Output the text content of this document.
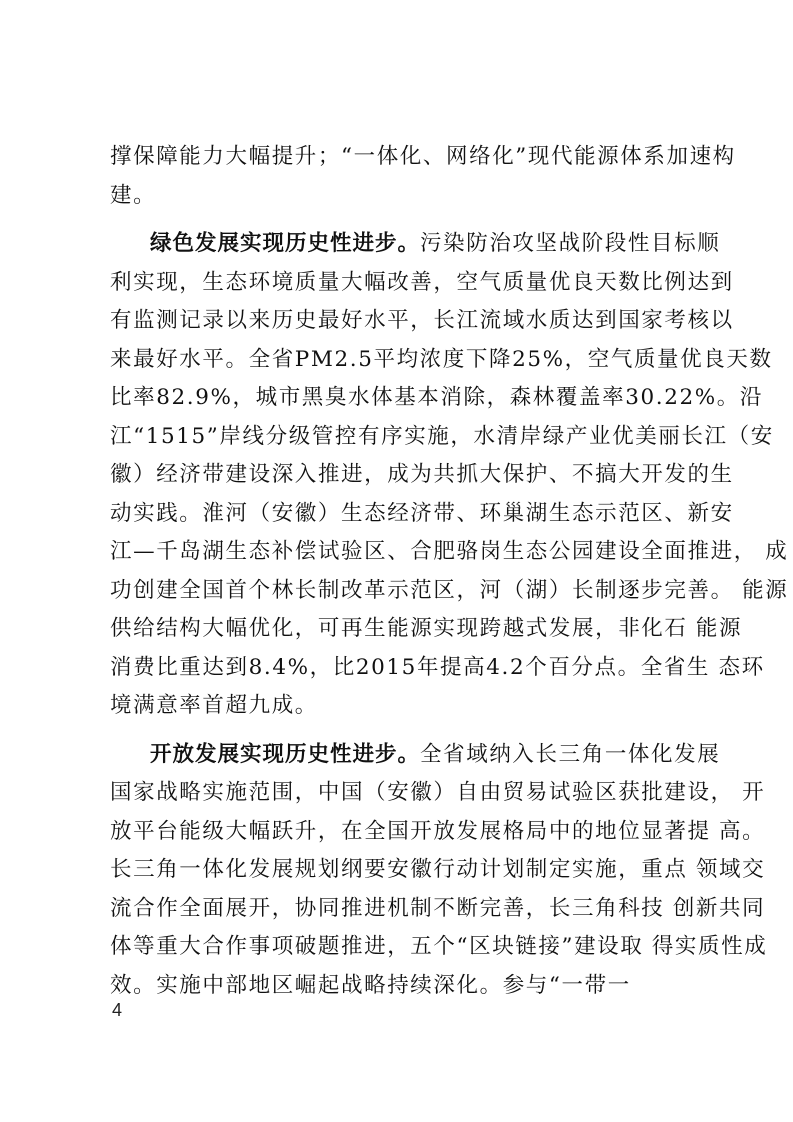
撑保障能力大幅提升；“一体化、网络化”现代能源体系加速构
建。
绿色发展实现历史性进步。污染防治攻坚战阶段性目标顺
利实现，生态环境质量大幅改善，空气质量优良天数比例达到
有监测记录以来历史最好水平，长江流域水质达到国家考核以
来最好水平。全省PM2.5平均浓度下降25%，空气质量优良天数
比率82.9%，城市黑臭水体基本消除，森林覆盖率30.22%。沿
江“1515”岸线分级管控有序实施，水清岸绿产业优美丽长江（安
徽）经济带建设深入推进，成为共抓大保护、不搞大开发的生
动实践。淮河（安徽）生态经济带、环巢湖生态示范区、新安
江—千岛湖生态补偿试验区、合肥骆岗生态公园建设全面推进， 成
功创建全国首个林长制改革示范区，河（湖）长制逐步完善。 能源
供给结构大幅优化，可再生能源实现跨越式发展，非化石 能源
消费比重达到8.4%，比2015年提高4.2个百分点。全省生 态环
境满意率首超九成。
开放发展实现历史性进步。全省域纳入长三角一体化发展
国家战略实施范围，中国（安徽）自由贸易试验区获批建设， 开
放平台能级大幅跃升，在全国开放发展格局中的地位显著提 高。
长三角一体化发展规划纲要安徽行动计划制定实施，重点 领域交
流合作全面展开，协同推进机制不断完善，长三角科技 创新共同
体等重大合作事项破题推进，五个“区块链接”建设取 得实质性成
效。实施中部地区崛起战略持续深化。参与“一带一
4
